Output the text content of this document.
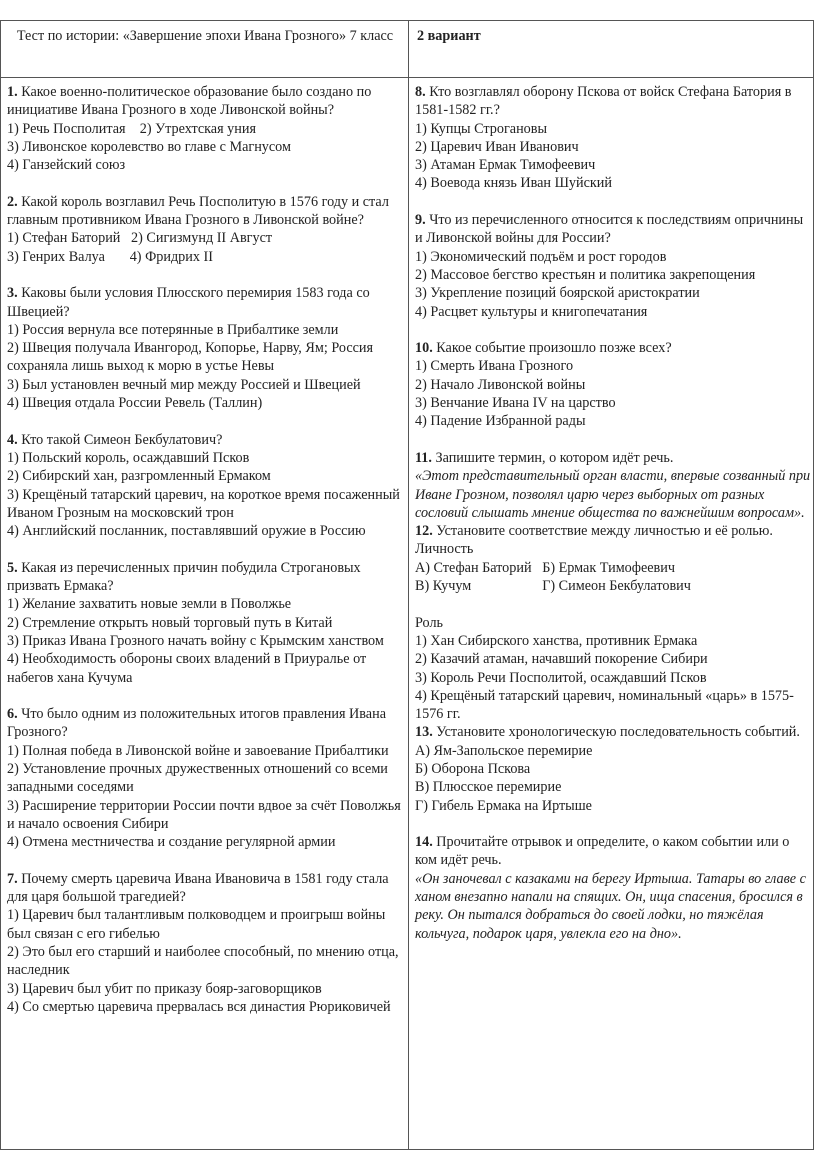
Тест по истории: «Завершение эпохи Ивана Грозного» 7 класс	2 вариант
1. Какое военно-политическое образование было создано по инициативе Ивана Грозного в ходе Ливонской войны?
1) Речь Посполитая 2) Утрехтская уния
3) Ливонское королевство во главе с Магнусом
4) Ганзейский союз
2. Какой король возглавил Речь Посполитую в 1576 году и стал главным противником Ивана Грозного в Ливонской войне?
1) Стефан Баторий 2) Сигизмунд II Август
3) Генрих Валуа 4) Фридрих II
3. Каковы были условия Плюсского перемирия 1583 года со Швецией?
1) Россия вернула все потерянные в Прибалтике земли
2) Швеция получала Ивангород, Копорье, Нарву, Ям; Россия сохраняла лишь выход к морю в устье Невы
3) Был установлен вечный мир между Россией и Швецией
4) Швеция отдала России Ревель (Таллин)
4. Кто такой Симеон Бекбулатович?
1) Польский король, осаждавший Псков
2) Сибирский хан, разгромленный Ермаком
3) Крещёный татарский царевич, на короткое время посаженный Иваном Грозным на московский трон
4) Английский посланник, поставлявший оружие в Россию
5. Какая из перечисленных причин побудила Строгановых призвать Ермака?
1) Желание захватить новые земли в Поволжье
2) Стремление открыть новый торговый путь в Китай
3) Приказ Ивана Грозного начать войну с Крымским ханством
4) Необходимость обороны своих владений в Приуралье от набегов хана Кучума
6. Что было одним из положительных итогов правления Ивана Грозного?
1) Полная победа в Ливонской войне и завоевание Прибалтики
2) Установление прочных дружественных отношений со всеми западными соседями
3) Расширение территории России почти вдвое за счёт Поволжья и начало освоения Сибири
4) Отмена местничества и создание регулярной армии
7. Почему смерть царевича Ивана Ивановича в 1581 году стала для царя большой трагедией?
1) Царевич был талантливым полководцем и проигрыш войны был связан с его гибелью
2) Это был его старший и наиболее способный, по мнению отца, наследник
3) Царевич был убит по приказу бояр-заговорщиков
4) Со смертью царевича прервалась вся династия Рюриковичей
8. Кто возглавлял оборону Пскова от войск Стефана Батория в 1581-1582 гг.?
1) Купцы Строгановы
2) Царевич Иван Иванович
3) Атаман Ермак Тимофеевич
4) Воевода князь Иван Шуйский
9. Что из перечисленного относится к последствиям опричнины и Ливонской войны для России?
1) Экономический подъём и рост городов
2) Массовое бегство крестьян и политика закрепощения
3) Укрепление позиций боярской аристократии
4) Расцвет культуры и книгопечатания
10. Какое событие произошло позже всех?
1) Смерть Ивана Грозного
2) Начало Ливонской войны
3) Венчание Ивана IV на царство
4) Падение Избранной рады
11. Запишите термин, о котором идёт речь.
«Этот представительный орган власти, впервые созванный при Иване Грозном, позволял царю через выборных от разных сословий слышать мнение общества по важнейшим вопросам».
12. Установите соответствие между личностью и её ролью.
Личность
А) Стефан Баторий Б) Ермак Тимофеевич
В) Кучум	Г) Симеон Бекбулатович
Роль
1) Хан Сибирского ханства, противник Ермака
2) Казачий атаман, начавший покорение Сибири
3) Король Речи Посполитой, осаждавший Псков
4) Крещёный татарский царевич, номинальный «царь» в 1575-1576 гг.
13. Установите хронологическую последовательность событий.
А) Ям-Запольское перемирие
Б) Оборона Пскова
В) Плюсское перемирие
Г) Гибель Ермака на Иртыше
14. Прочитайте отрывок и определите, о каком событии или о ком идёт речь.
«Он заночевал с казаками на берегу Иртыша. Татары во главе с ханом внезапно напали на спящих. Он, ища спасения, бросился в реку. Он пытался добраться до своей лодки, но тяжёлая кольчуга, подарок царя, увлекла его на дно».
